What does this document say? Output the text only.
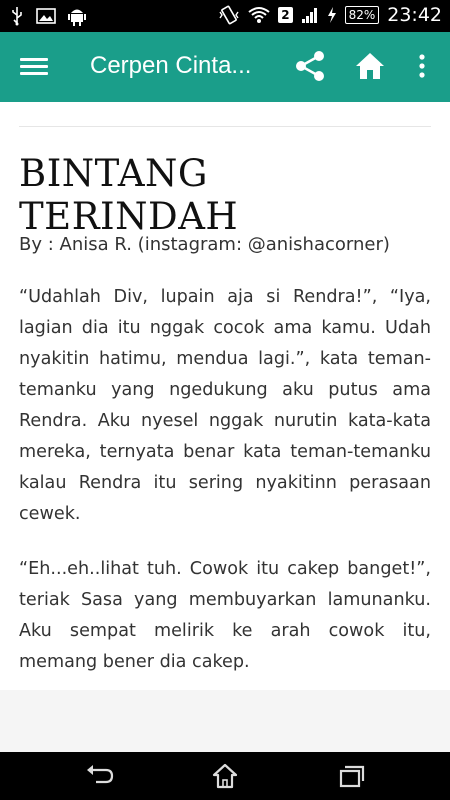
2	82% 23:42
Cerpen Cinta...
BINTANG TERINDAH
By : Anisa R. (instagram: @anishacorner)

“Udahlah Div, lupain aja si Rendra!”, “Iya, lagian dia itu nggak cocok ama kamu. Udah nyakitin hatimu, mendua lagi.”, kata teman-temanku yang ngedukung aku putus ama Rendra. Aku nyesel nggak nurutin kata-kata mereka, ternyata benar kata teman-temanku kalau Rendra itu sering nyakitinn perasaan cewek.

“Eh...eh..lihat tuh. Cowok itu cakep banget!”, teriak Sasa yang membuyarkan lamunanku. Aku sempat melirik ke arah cowok itu, memang bener dia cakep.
